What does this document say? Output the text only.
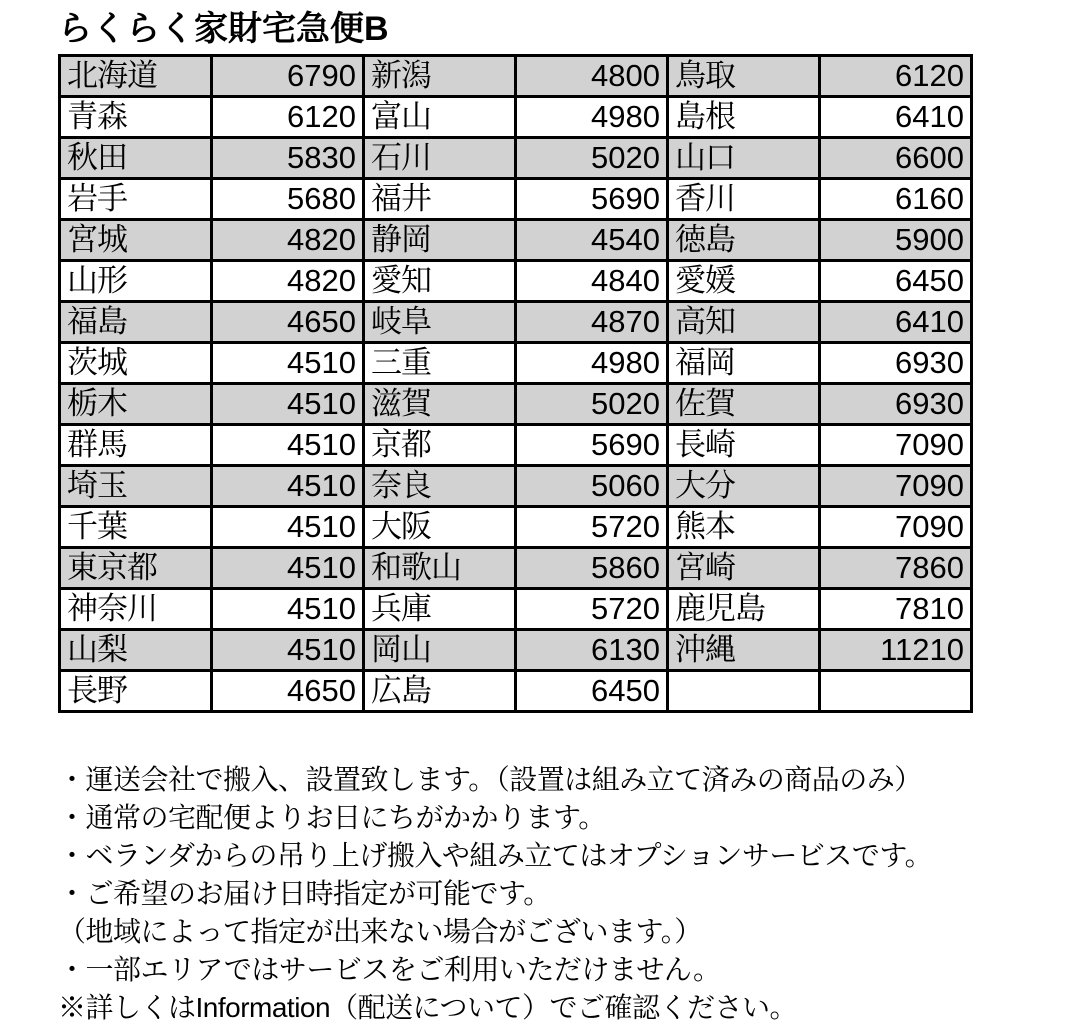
らくらく家財宅急便B
北海道	6790	新潟	4800	鳥取	6120
青森	6120	富山	4980	島根	6410
秋田	5830	石川	5020	山口	6600
岩手	5680	福井	5690	香川	6160
宮城	4820	静岡	4540	徳島	5900
山形	4820	愛知	4840	愛媛	6450
福島	4650	岐阜	4870	高知	6410
茨城	4510	三重	4980	福岡	6930
栃木	4510	滋賀	5020	佐賀	6930
群馬	4510	京都	5690	長崎	7090
埼玉	4510	奈良	5060	大分	7090
千葉	4510	大阪	5720	熊本	7090
東京都	4510	和歌山	5860	宮崎	7860
神奈川	4510	兵庫	5720	鹿児島	7810
山梨	4510	岡山	6130	沖縄	11210
長野	4650	広島	6450		
・運送会社で搬入、設置致します。（設置は組み立て済みの商品のみ）
・通常の宅配便よりお日にちがかかります。
・ベランダからの吊り上げ搬入や組み立てはオプションサービスです。
・ご希望のお届け日時指定が可能です。
（地域によって指定が出来ない場合がございます。）
・一部エリアではサービスをご利用いただけません。
※詳しくはInformation（配送について）でご確認ください。
